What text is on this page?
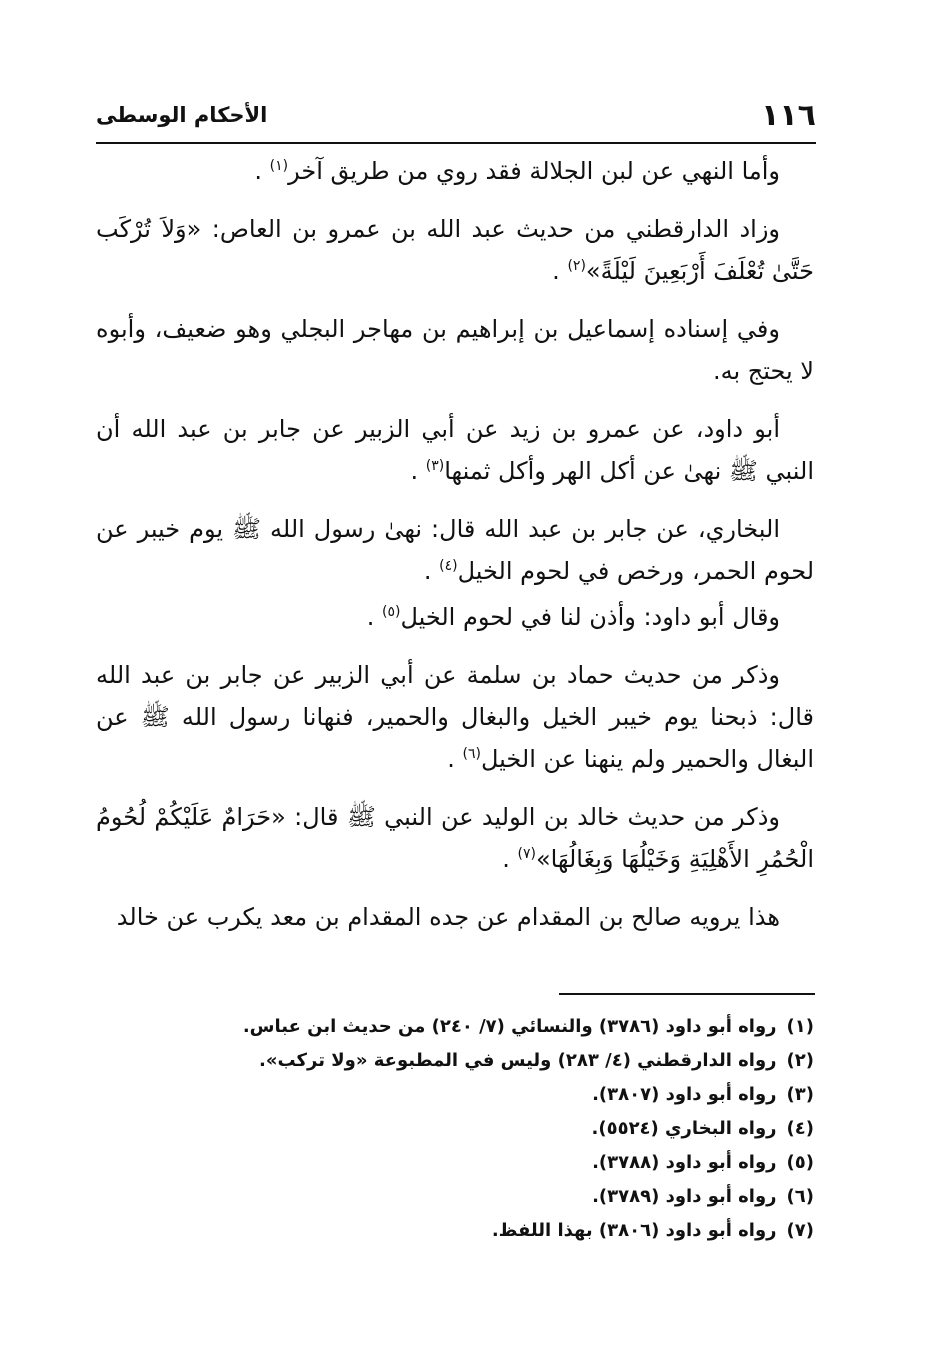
١١٦
الأحكام الوسطى

وأما النهي عن لبن الجلالة فقد روي من طريق آخر$^{(١)}$ .

وزاد الدارقطني من حديث عبد الله بن عمرو بن العاص: «وَلاَ تُرْكَب حَتَّىٰ تُعْلَفَ أَرْبَعِينَ لَيْلَةً»$^{(٢)}$ .

وفي إسناده إسماعيل بن إبراهيم بن مهاجر البجلي وهو ضعيف، وأبوه لا يحتج به.

أبو داود، عن عمرو بن زيد عن أبي الزبير عن جابر بن عبد الله أن النبي ﷺ نهىٰ عن أكل الهر وأكل ثمنها$^{(٣)}$ .

البخاري، عن جابر بن عبد الله قال: نهىٰ رسول الله ﷺ يوم خيبر عن لحوم الحمر، ورخص في لحوم الخيل$^{(٤)}$ .

وقال أبو داود: وأذن لنا في لحوم الخيل$^{(٥)}$ .

وذكر من حديث حماد بن سلمة عن أبي الزبير عن جابر بن عبد الله قال: ذبحنا يوم خيبر الخيل والبغال والحمير، فنهانا رسول الله ﷺ عن البغال والحمير ولم ينهنا عن الخيل$^{(٦)}$ .

وذكر من حديث خالد بن الوليد عن النبي ﷺ قال: «حَرَامٌ عَلَيْكُمْ لُحُومُ الْحُمُرِ الأَهْلِيَةِ وَخَيْلُهَا وَبِغَالُهَا»$^{(٧)}$ .

هذا يرويه صالح بن المقدام عن جده المقدام بن معد يكرب عن خالد

(١)رواه أبو داود (٣٧٨٦) والنسائي (٧/ ٢٤٠) من حديث ابن عباس.

(٢)رواه الدارقطني (٤/ ٢٨٣) وليس في المطبوعة «ولا تركب».

(٣)رواه أبو داود (٣٨٠٧).

(٤)رواه البخاري (٥٥٢٤).

(٥)رواه أبو داود (٣٧٨٨).

(٦)رواه أبو داود (٣٧٨٩).

(٧)رواه أبو داود (٣٨٠٦) بهذا اللفظ.
